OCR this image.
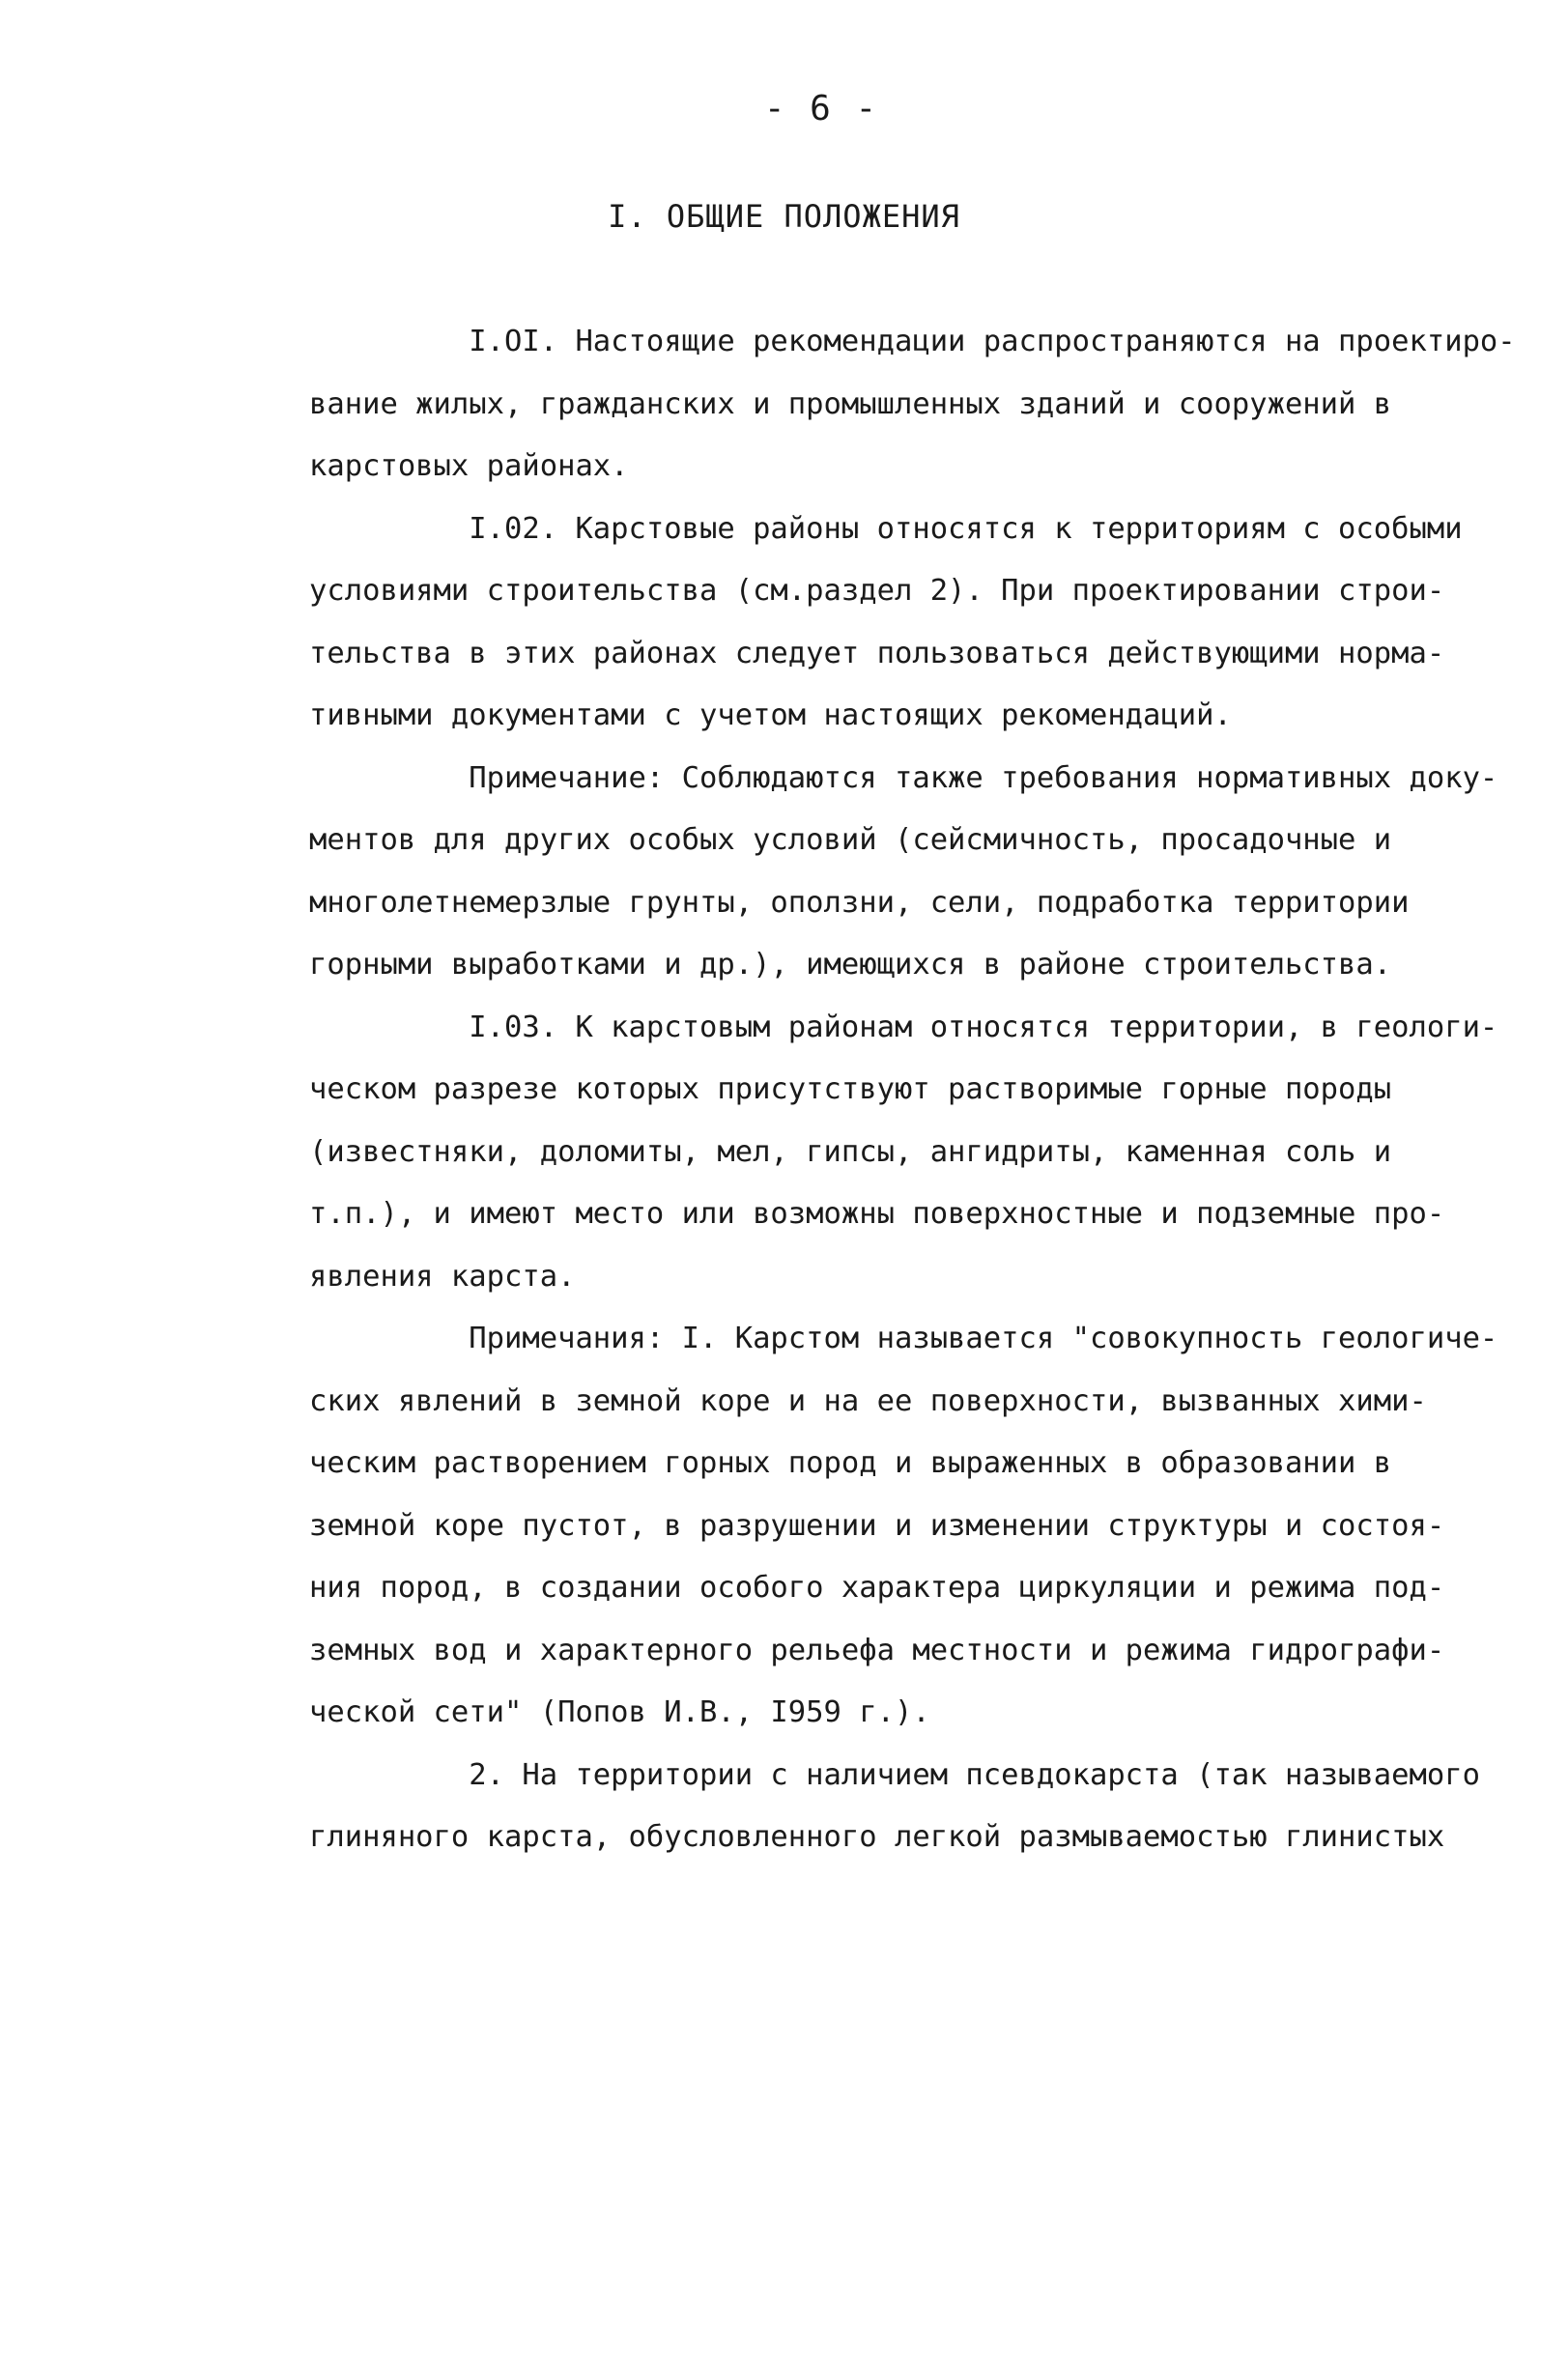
- 6 -
I. ОБЩИЕ ПОЛОЖЕНИЯ
I.OI. Настоящие рекомендации распространяются на проектиро-
вание жилых, гражданских и промышленных зданий и сооружений в
карстовых районах.
I.02. Карстовые районы относятся к территориям с особыми
условиями строительства (см.раздел 2). При проектировании строи-
тельства в этих районах следует пользоваться действующими норма-
тивными документами с учетом настоящих рекомендаций.
Примечание: Соблюдаются также требования нормативных доку-
ментов для других особых условий (сейсмичность, просадочные и
многолетнемерзлые грунты, оползни, сели, подработка территории
горными выработками и др.), имеющихся в районе строительства.
I.03. К карстовым районам относятся территории, в геологи-
ческом разрезе которых присутствуют растворимые горные породы
(известняки, доломиты, мел, гипсы, ангидриты, каменная соль и
т.п.), и имеют место или возможны поверхностные и подземные про-
явления карста.
Примечания: I. Карстом называется "совокупность геологиче-
ских явлений в земной коре и на ее поверхности, вызванных хими-
ческим растворением горных пород и выраженных в образовании в
земной коре пустот, в разрушении и изменении структуры и состоя-
ния пород, в создании особого характера циркуляции и режима под-
земных вод и характерного рельефа местности и режима гидрографи-
ческой сети" (Попов И.В., I959 г.).
2. На территории с наличием псевдокарста (так называемого
глиняного карста, обусловленного легкой размываемостью глинистых
